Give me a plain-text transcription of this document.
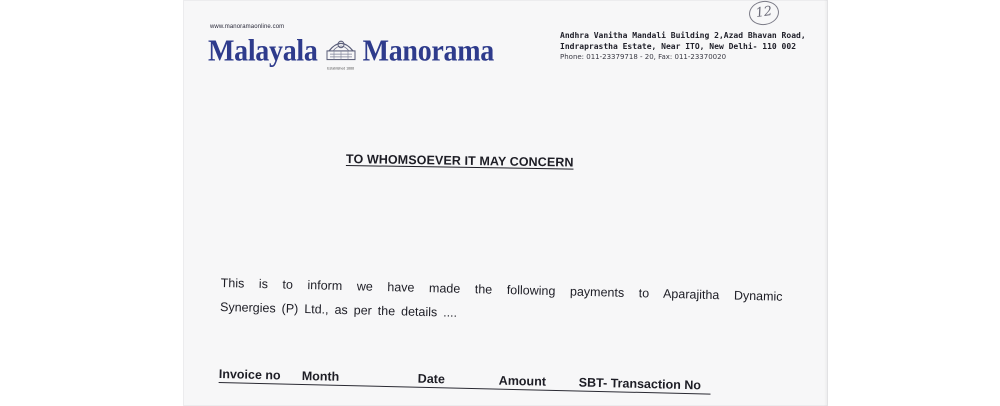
www.manoramaonline.com
Malayala	Established 1888 Manorama	Andhra Vanitha Mandali Building 2,Azad Bhavan Road,
Indraprastha Estate, Near ITO, New Delhi- 110 002
Phone: 011-23379718 - 20, Fax: 011-23370020
12
TO WHOMSOEVER IT MAY CONCERN
This is to inform we have made the following payments to Aparajitha Dynamic
Synergies (P) Ltd., as per the details ....
Invoice no Month	Date	Amount	SBT- Transaction No
